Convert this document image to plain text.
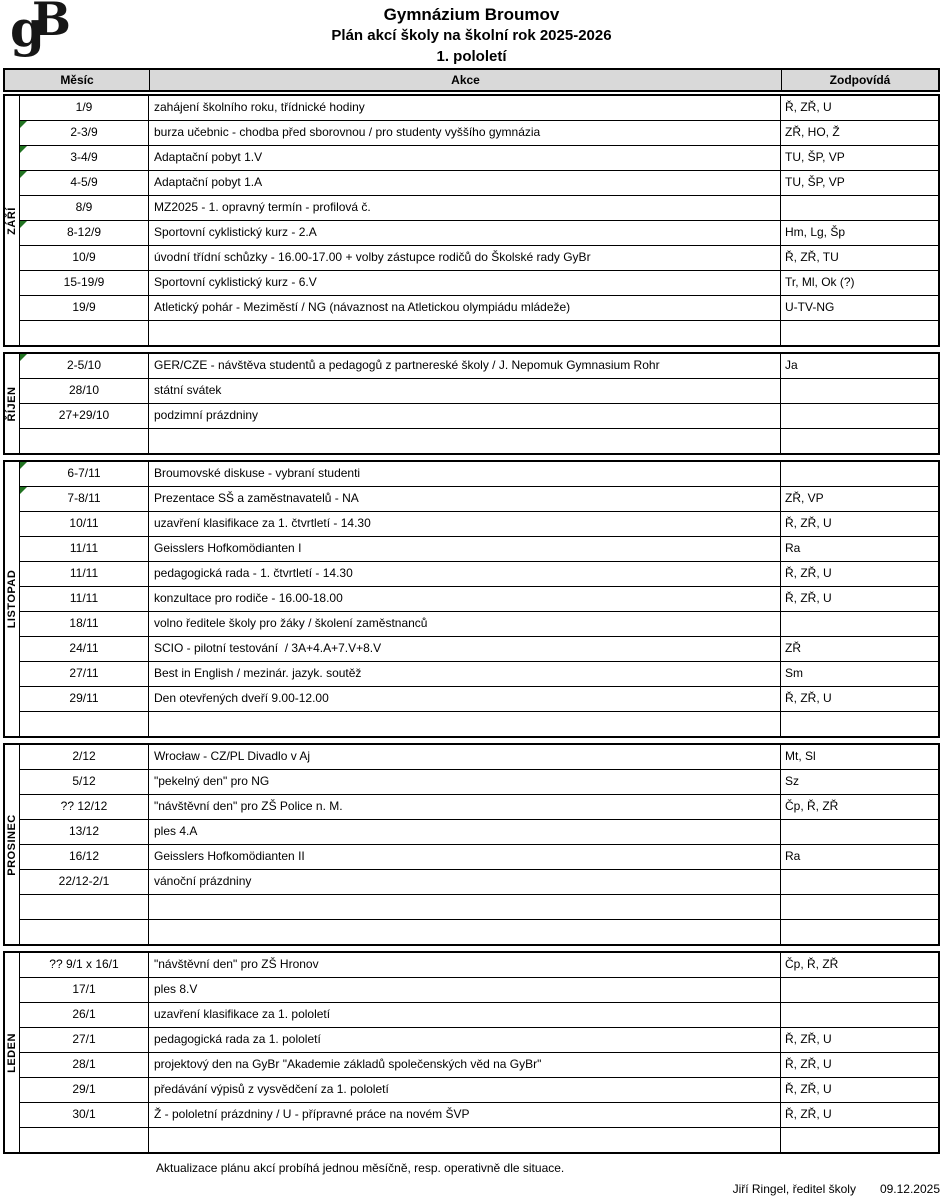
g
B	Gymnázium Broumov
Plán akcí školy na školní rok 2025-2026
1. pololetí
Měsíc	Akce	Zodpovídá
ZÁŘÍ
1/9	zahájení školního roku, třídnické hodiny	Ř, ZŘ, U
2-3/9	burza učebnic - chodba před sborovnou / pro studenty vyššího gymnázia	ZŘ, HO, Ž
3-4/9	Adaptační pobyt 1.V	TU, ŠP, VP
4-5/9	Adaptační pobyt 1.A	TU, ŠP, VP
8/9	MZ2025 - 1. opravný termín - profilová č.
8-12/9	Sportovní cyklistický kurz - 2.A	Hm, Lg, Šp
10/9	úvodní třídní schůzky - 16.00-17.00 + volby zástupce rodičů do Školské rady GyBr	Ř, ZŘ, TU
15-19/9	Sportovní cyklistický kurz - 6.V	Tr, Ml, Ok (?)
19/9	Atletický pohár - Meziměstí / NG (návaznost na Atletickou olympiádu mládeže)	U-TV-NG
ŘÍJEN
2-5/10	GER/CZE - návštěva studentů a pedagogů z partnereské školy / J. Nepomuk Gymnasium Rohr	Ja
28/10	státní svátek
27+29/10	podzimní prázdniny
LISTOPAD
6-7/11	Broumovské diskuse - vybraní studenti
7-8/11	Prezentace SŠ a zaměstnavatelů - NA	ZŘ, VP
10/11	uzavření klasifikace za 1. čtvrtletí - 14.30	Ř, ZŘ, U
11/11	Geisslers Hofkomödianten I	Ra
11/11	pedagogická rada - 1. čtvrtletí - 14.30	Ř, ZŘ, U
11/11	konzultace pro rodiče - 16.00-18.00	Ř, ZŘ, U
18/11	volno ředitele školy pro žáky / školení zaměstnanců
24/11	SCIO - pilotní testování  / 3A+4.A+7.V+8.V	ZŘ
27/11	Best in English / mezinár. jazyk. soutěž	Sm
29/11	Den otevřených dveří 9.00-12.00	Ř, ZŘ, U
PROSINEC
2/12	Wrocław - CZ/PL Divadlo v Aj	Mt, Sl
5/12	"pekelný den" pro NG	Sz
?? 12/12	"návštěvní den" pro ZŠ Police n. M.	Čp, Ř, ZŘ
13/12	ples 4.A
16/12	Geisslers Hofkomödianten II	Ra
22/12-2/1	vánoční prázdniny
LEDEN
?? 9/1 x 16/1	"návštěvní den" pro ZŠ Hronov	Čp, Ř, ZŘ
17/1	ples 8.V
26/1	uzavření klasifikace za 1. pololetí
27/1	pedagogická rada za 1. pololetí	Ř, ZŘ, U
28/1	projektový den na GyBr "Akademie základů společenských věd na GyBr"	Ř, ZŘ, U
29/1	předávání výpisů z vysvědčení za 1. pololetí	Ř, ZŘ, U
30/1	Ž - pololetní prázdniny / U - přípravné práce na novém ŠVP	Ř, ZŘ, U
Aktualizace plánu akcí probíhá jednou měsíčně, resp. operativně dle situace.
Jiří Ringel, ředitel školy 09.12.2025
